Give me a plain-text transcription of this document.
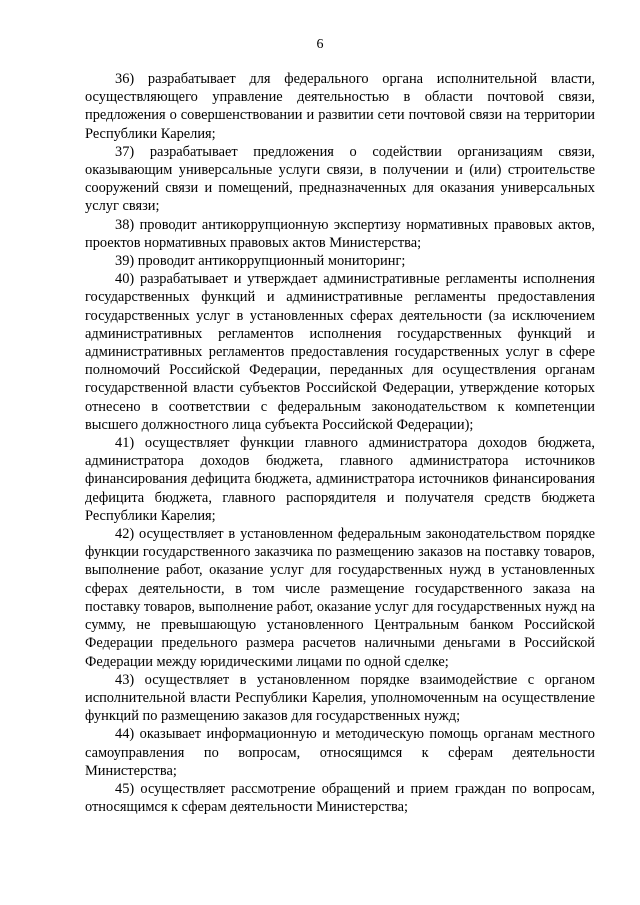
6

36) разрабатывает для федерального органа исполнительной власти, осуществляющего управление деятельностью в области почтовой связи, предложения о совершенствовании и развитии сети почтовой связи на территории Республики Карелия;

37) разрабатывает предложения о содействии организациям связи, оказывающим универсальные услуги связи, в получении и (или) строительстве сооружений связи и помещений, предназначенных для оказания универсальных услуг связи;

38) проводит антикоррупционную экспертизу нормативных правовых актов, проектов нормативных правовых актов Министерства;

39) проводит антикоррупционный мониторинг;

40) разрабатывает и утверждает административные регламенты исполнения государственных функций и административные регламенты предоставления государственных услуг в установленных сферах деятельности (за исключением административных регламентов исполнения государственных функций и административных регламентов предоставления государственных услуг в сфере полномочий Российской Федерации, переданных для осуществления органам государственной власти субъектов Российской Федерации, утверждение которых отнесено в соответствии с федеральным законодательством к компетенции высшего должностного лица субъекта Российской Федерации);

41) осуществляет функции главного администратора доходов бюджета, администратора доходов бюджета, главного администратора источников финансирования дефицита бюджета, администратора источников финансирования дефицита бюджета, главного распорядителя и получателя средств бюджета Республики Карелия;

42) осуществляет в установленном федеральным законодательством порядке функции государственного заказчика по размещению заказов на поставку товаров, выполнение работ, оказание услуг для государственных нужд в установленных сферах деятельности, в том числе размещение государственного заказа на поставку товаров, выполнение работ, оказание услуг для государственных нужд на сумму, не превышающую установленного Центральным банком Российской Федерации предельного размера расчетов наличными деньгами в Российской Федерации между юридическими лицами по одной сделке;

43) осуществляет в установленном порядке взаимодействие с органом исполнительной власти Республики Карелия, уполномоченным на осуществление функций по размещению заказов для государственных нужд;

44) оказывает информационную и методическую помощь органам местного самоуправления по вопросам, относящимся к сферам деятельности Министерства;

45) осуществляет рассмотрение обращений и прием граждан по вопросам, относящимся к сферам деятельности Министерства;
